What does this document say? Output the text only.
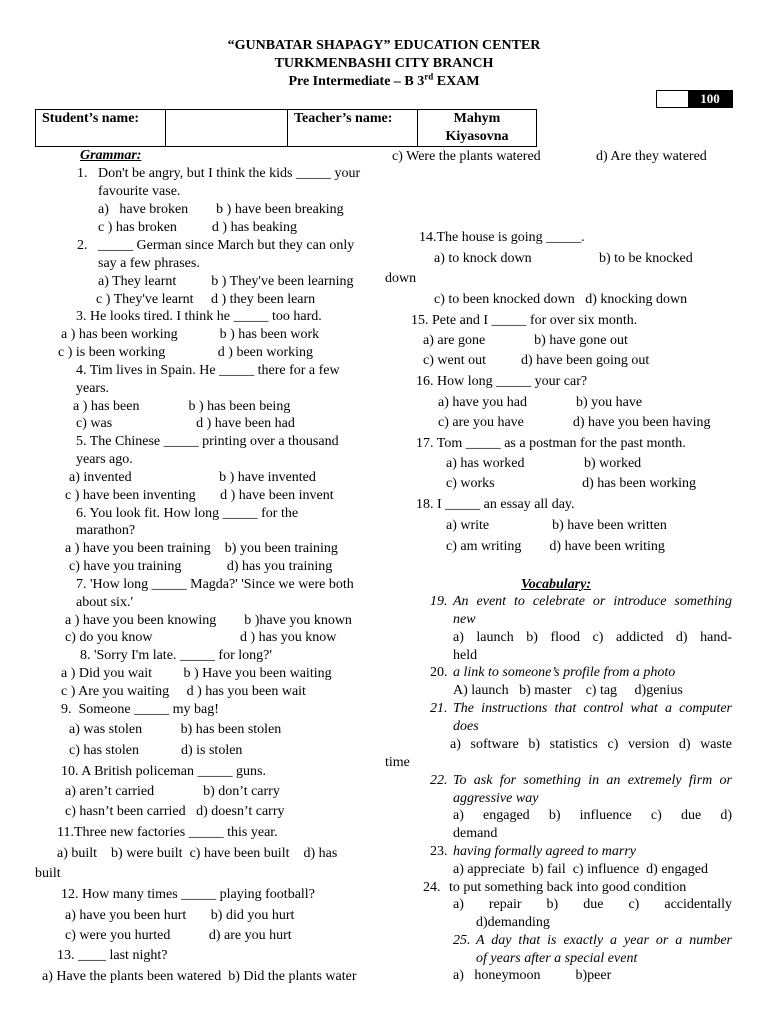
“GUNBATAR SHAPAGY” EDUCATION CENTER
TURKMENBASHI CITY BRANCH
Pre Intermediate – B 3rd EXAM
100
Student’s name:		Teacher’s name:	Mahym
Kiyasovna
Grammar:
1.   Don't be angry, but I think the kids _____ your
favourite vase.
a)   have broken        b ) have been breaking
c ) has broken          d ) has beaking
2.   _____ German since March but they can only
say a few phrases.
a) They learnt          b ) They've been learning
c ) They've learnt     d ) they been learn
3. He looks tired. I think he _____ too hard.
a ) has been working            b ) has been work
c ) is been working               d ) been working
4. Tim lives in Spain. He _____ there for a few
years.
a ) has been              b ) has been being
c) was                        d ) have been had
5. The Chinese _____ printing over a thousand
years ago.
a) invented                         b ) have invented
c ) have been inventing       d ) have been invent
6. You look fit. How long _____ for the
marathon?
a ) have you been training    b) you been training
c) have you training             d) has you training
7. 'How long _____ Magda?' 'Since we were both
about six.'
a ) have you been knowing        b )have you known
c) do you know                         d ) has you know
8. 'Sorry I'm late. _____ for long?'
a ) Did you wait         b ) Have you been waiting
c ) Are you waiting     d ) has you been wait
9.  Someone _____ my bag!
a) was stolen           b) has been stolen
c) has stolen            d) is stolen
10. A British policeman _____ guns.
a) aren’t carried              b) don’t carry
c) hasn’t been carried   d) doesn’t carry
11.Three new factories _____ this year.
a) built    b) were built  c) have been built    d) has
built
12. How many times _____ playing football?
a) have you been hurt       b) did you hurt
c) were you hurted           d) are you hurt
13. ____ last night?
a) Have the plants been watered  b) Did the plants water
c) Were the plants watered	d) Are they watered
14.The house is going _____.
a) to knock down	b) to be knocked
down
c) to been knocked down   d) knocking down
15. Pete and I _____ for over six month.
a) are gone              b) have gone out
c) went out          d) have been going out
16. How long _____ your car?
a) have you had              b) you have
c) are you have              d) have you been having
17. Tom _____ as a postman for the past month.
a) has worked                 b) worked
c) works                         d) has been working
18. I _____ an essay all day.
a) write                  b) have been written
c) am writing        d) have been writing
Vocabulary:
19. An event to celebrate or introduce something
new
a) launch b) flood c) addicted d) hand-
held
20. a link to someone’s profile from a photo
A) launch   b) master    c) tag     d)genius
21. The instructions that control what a computer
does
a) software b) statistics c) version d) waste
time
22. To ask for something in an extremely firm or
aggressive way
a) engaged b) influence c) due d)
demand
23. having formally agreed to marry
a) appreciate  b) fail  c) influence  d) engaged
24. to put something back into good condition
a) repair b) due c) accidentally
d)demanding
25. A day that is exactly a year or a number
of years after a special event
a)   honeymoon          b)peer
